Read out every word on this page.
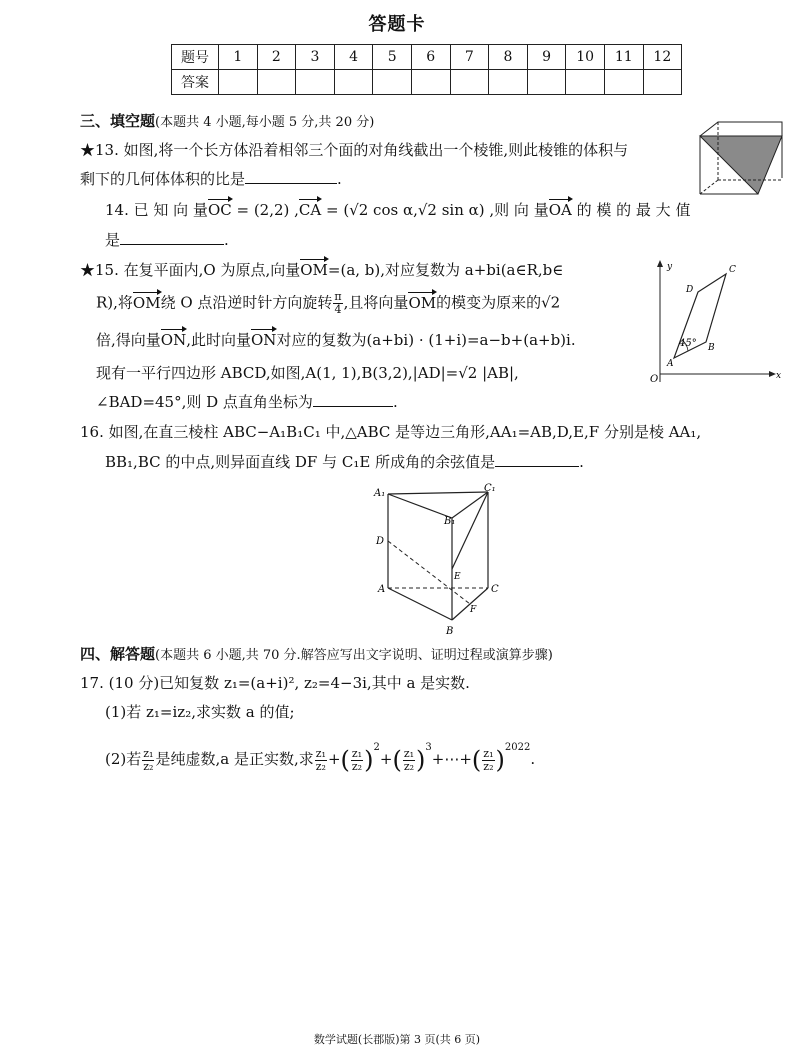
答题卡
题号	1	2	3	4	5	6	7	8	9	10	11	12
答案												
三、填空题(本题共 4 小题,每小题 5 分,共 20 分)
★13. 如图,将一个长方体沿着相邻三个面的对角线截出一个棱锥,则此棱锥的体积与
剩下的几何体体积的比是	.
14. 已 知 向 量OC = (2,2) ,CA = (√2 cos α,√2 sin α) ,则 向 量OA 的 模 的 最 大 值
是	.
★15. 在复平面内,O 为原点,向量OM=(a, b),对应复数为 a+bi(a∈R,b∈
R),将OM绕 O 点沿逆时针方向旋转 $\frac{\pi}{4}$ ,且将向量OM的模变为原来的√2
倍,得向量ON,此时向量ON对应的复数为(a+bi) · (1+i)=a−b+(a+b)i.
现有一平行四边形 ABCD,如图,A(1, 1),B(3,2),|AD|=√2 |AB|,
∠BAD=45°,则 D 点直角坐标为	.
y
x
O
A
B
C
D
45°
16. 如图,在直三棱柱 ABC−A₁B₁C₁ 中,△ABC 是等边三角形,AA₁=AB,D,E,F 分别是棱 AA₁,
BB₁,BC 的中点,则异面直线 DF 与 C₁E 所成角的余弦值是	.
A₁
B₁
C₁
D
E
A	C
F
B
四、解答题(本题共 6 小题,共 70 分.解答应写出文字说明、证明过程或演算步骤)
17. (10 分)已知复数 z₁=(a+i)², z₂=4−3i,其中 a 是实数.
(1)若 z₁=iz₂,求实数 a 的值;
(2)若 $\frac{\text{z₁}}{\text{z₂}}$ 是纯虚数,a 是正实数,求 $\frac{\text{z₁}}{\text{z₂}}$ +( $\frac{\text{z₁}}{\text{z₂}} )^2+( \frac{\text{z₁}}{\text{z₂}}$ )$^3+\cdots+( \frac{\text{z₁}}{\text{z₂}} )^{2022}$.
数学试题(长郡版)第 3 页(共 6 页)
